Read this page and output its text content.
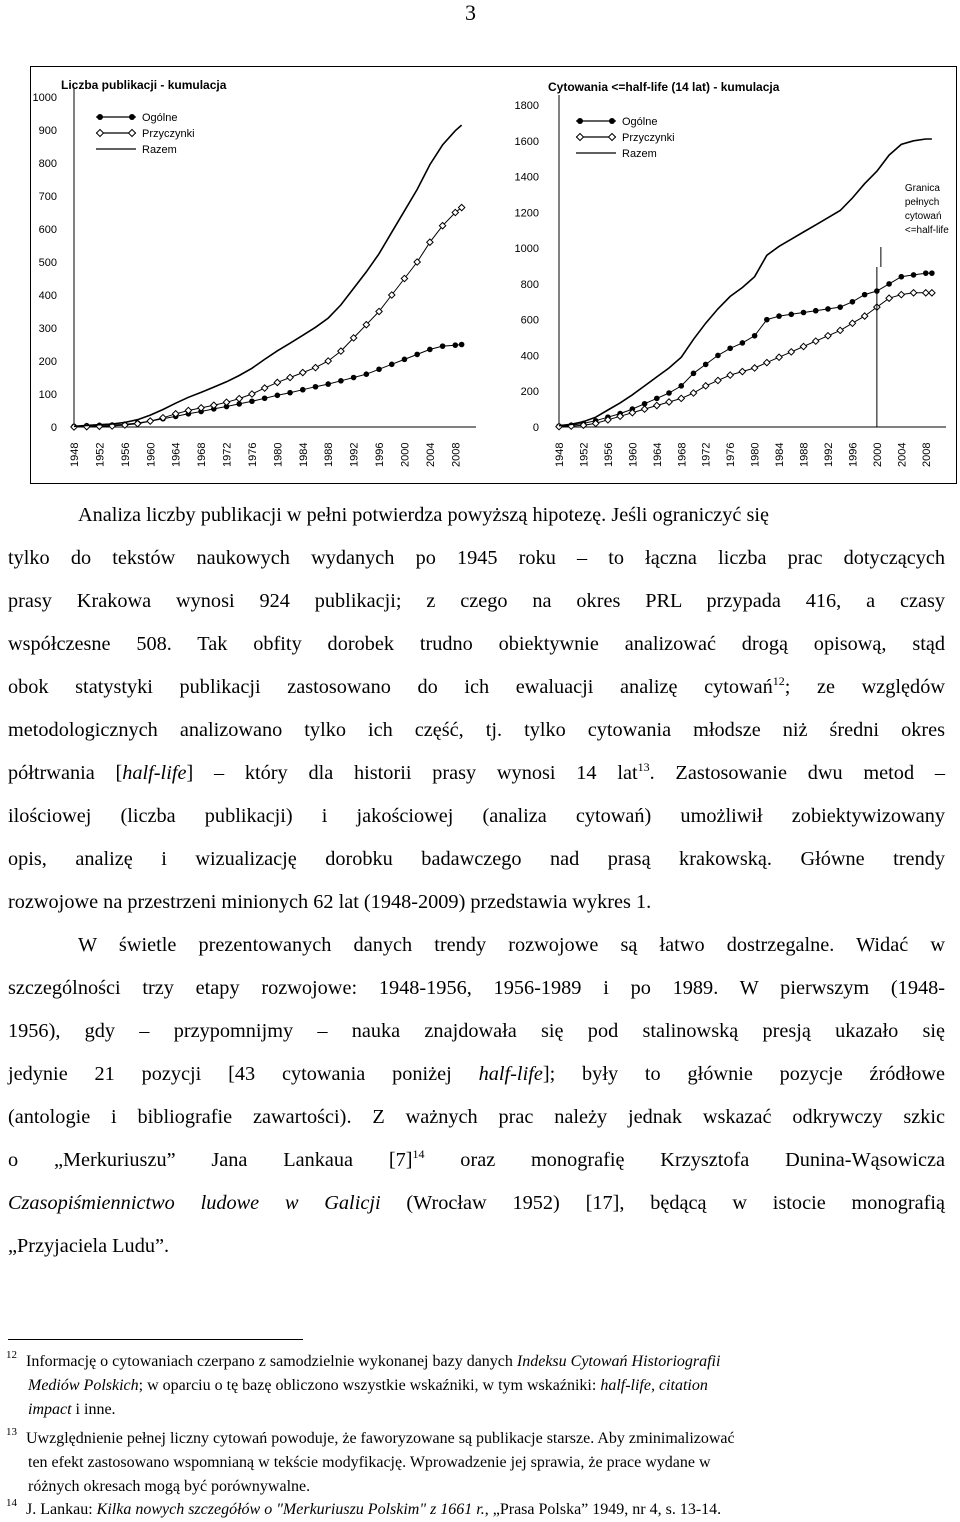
3
Liczba publikacji - kumulacja
0
100
200
300
400
500
600
700
800
900
1000
1948 1952 1956 1960 1964 1968 1972 1976 1980 1984 1988 1992 1996 2000 2004 2008
Ogólne
Przyczynki
Razem
Cytowania <=half-life (14 lat) - kumulacja
0
200
400
600
800
1000
1200
1400
1600
1800
1948 1952 1956 1960 1964 1968 1972 1976 1980 1984 1988 1992 1996 2000 2004 2008
Ogólne
Przyczynki
Razem
Granica
pełnych
cytowań
<=half-life
Analiza liczby publikacji w pełni potwierdza powyższą hipotezę. Jeśli ograniczyć się
tylko do tekstów naukowych wydanych po 1945 roku – to łączna liczba prac dotyczących
prasy Krakowa wynosi 924 publikacji; z czego na okres PRL przypada 416, a czasy
współczesne 508. Tak obfity dorobek trudno obiektywnie analizować drogą opisową, stąd
obok statystyki publikacji zastosowano do ich ewaluacji analizę cytowań$^{12}$; ze względów
metodologicznych analizowano tylko ich część, tj. tylko cytowania młodsze niż średni okres
półtrwania [half-life] – który dla historii prasy wynosi 14 lat$^{13}$. Zastosowanie dwu metod –
ilościowej (liczba publikacji) i jakościowej (analiza cytowań) umożliwił zobiektywizowany
opis, analizę i wizualizację dorobku badawczego nad prasą krakowską. Główne trendy
rozwojowe na przestrzeni minionych 62 lat (1948-2009) przedstawia wykres 1.
W świetle prezentowanych danych trendy rozwojowe są łatwo dostrzegalne. Widać w
szczególności trzy etapy rozwojowe: 1948-1956, 1956-1989 i po 1989. W pierwszym (1948-
1956), gdy – przypomnijmy – nauka znajdowała się pod stalinowską presją ukazało się
jedynie 21 pozycji [43 cytowania poniżej half-life]; były to głównie pozycje źródłowe
(antologie i bibliografie zawartości). Z ważnych prac należy jednak wskazać odkrywczy szkic
o „Merkuriuszu” Jana Lankaua $[7]^{14}$ oraz monografię Krzysztofa Dunina-Wąsowicza
Czasopiśmiennictwo ludowe w Galicji (Wrocław 1952) [17], będącą w istocie monografią
„Przyjaciela Ludu”.
12 Informację o cytowaniach czerpano z samodzielnie wykonanej bazy danych Indeksu Cytowań Historiografii
Mediów Polskich; w oparciu o tę bazę obliczono wszystkie wskaźniki, w tym wskaźniki: half-life, citation
impact i inne.
13 Uwzględnienie pełnej liczny cytowań powoduje, że faworyzowane są publikacje starsze. Aby zminimalizować
ten efekt zastosowano wspomnianą w tekście modyfikację. Wprowadzenie jej sprawia, że prace wydane w
różnych okresach mogą być porównywalne.
14 J. Lankau: Kilka nowych szczegółów o "Merkuriuszu Polskim" z 1661 r., „Prasa Polska” 1949, nr 4, s. 13-14.
